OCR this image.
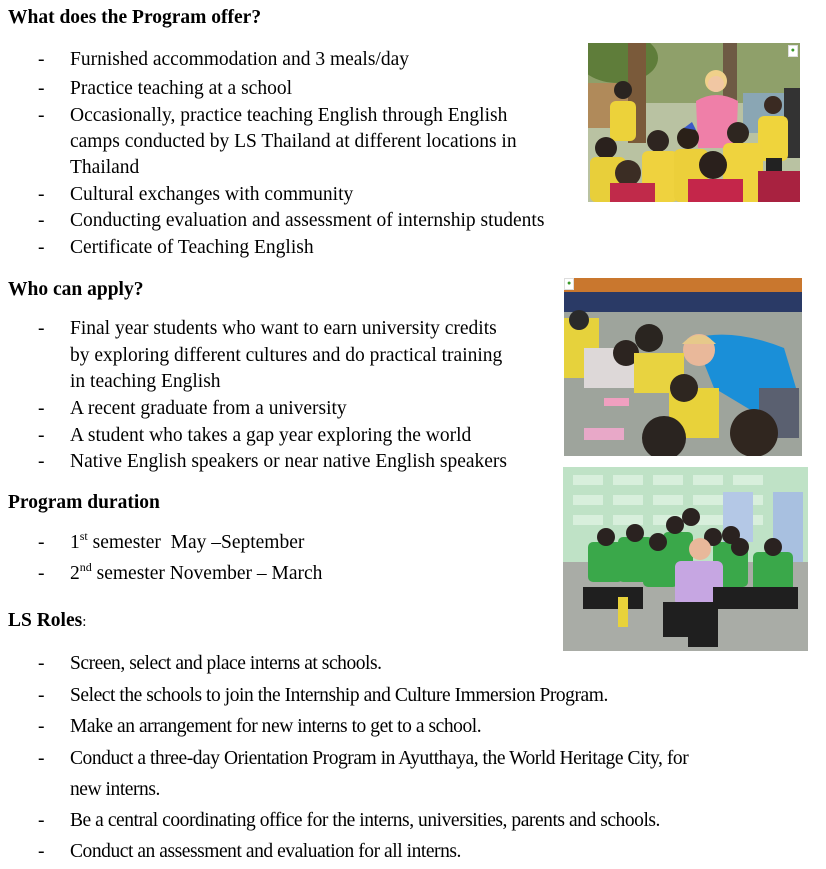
What does the Program offer?
- Furnished accommodation and 3 meals/day
- Practice teaching at a school
- Occasionally, practice teaching English through English
camps conducted by LS Thailand at different locations in
Thailand
- Cultural exchanges with community
- Conducting evaluation and assessment of internship students
- Certificate of Teaching English
Who can apply?
- Final year students who want to earn university credits
by exploring different cultures and do practical training
in teaching English
- A recent graduate from a university
- A student who takes a gap year exploring the world
- Native English speakers or near native English speakers
Program duration
- 1st semester  May –September
- 2nd semester November – March
LS Roles:
- Screen, select and place interns at schools.
- Select the schools to join the Internship and Culture Immersion Program.
- Make an arrangement for new interns to get to a school.
- Conduct a three-day Orientation Program in Ayutthaya, the World Heritage City, for
new interns.
- Be a central coordinating office for the interns, universities, parents and schools.
- Conduct an assessment and evaluation for all interns.
●
●
